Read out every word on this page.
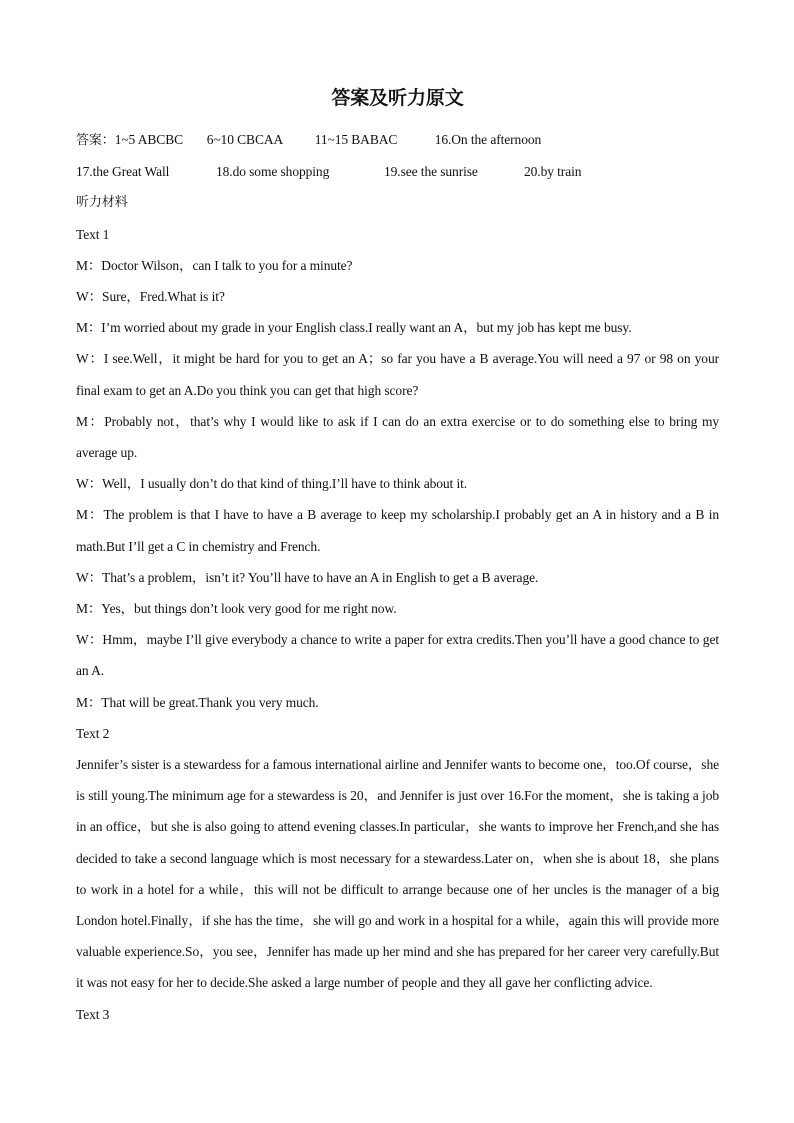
答案及听力原文
答案：1~5 ABCBC 6~10 CBCAA 11~15 BABAC	16.On the afternoon
17.the Great Wall	18.do some shopping	19.see the sunrise	20.by train
听力材料
Text 1
M：Doctor Wilson，can I talk to you for a minute?
W：Sure，Fred.What is it?
M：I’m worried about my grade in your English class.I really want an A，but my job has kept me busy.
W：I see.Well，it might be hard for you to get an A；so far you have a B average.You will need a 97 or 98 on your final exam to get an A.Do you think you can get that high score?
M：Probably not，that’s why I would like to ask if I can do an extra exercise or to do something else to bring my average up.
W：Well，I usually don’t do that kind of thing.I’ll have to think about it.
M：The problem is that I have to have a B average to keep my scholarship.I probably get an A in history and a B in math.But I’ll get a C in chemistry and French.
W：That’s a problem，isn’t it? You’ll have to have an A in English to get a B average.
M：Yes，but things don’t look very good for me right now.
W：Hmm，maybe I’ll give everybody a chance to write a paper for extra credits.Then you’ll have a good chance to get an A.
M：That will be great.Thank you very much.
Text 2
Jennifer’s sister is a stewardess for a famous international airline and Jennifer wants to become one，too.Of course，she is still young.The minimum age for a stewardess is 20，and Jennifer is just over 16.For the moment，she is taking a job in an office，but she is also going to attend evening classes.In particular，she wants to improve her French,and she has decided to take a second language which is most necessary for a stewardess.Later on，when she is about 18，she plans to work in a hotel for a while，this will not be difficult to arrange because one of her uncles is the manager of a big London hotel.Finally，if she has the time，she will go and work in a hospital for a while，again this will provide more valuable experience.So，you see，Jennifer has made up her mind and she has prepared for her career very carefully.But it was not easy for her to decide.She asked a large number of people and they all gave her conflicting advice.
Text 3
